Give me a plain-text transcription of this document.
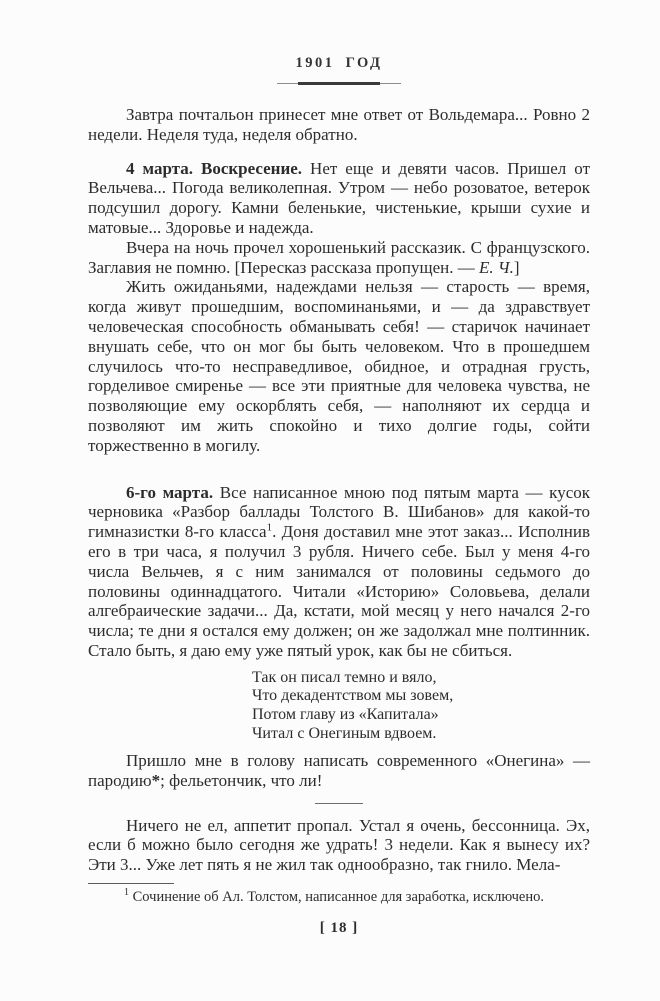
1901 ГОД

Завтра почтальон принесет мне ответ от Вольдемара... Ровно 2 недели. Неделя туда, неделя обратно.

4 марта. Воскресение. Нет еще и девяти часов. Пришел от Вельчева... Погода великолепная. Утром — небо розоватое, ветерок подсушил дорогу. Камни беленькие, чистенькие, крыши сухие и матовые... Здоровье и надежда.

Вчера на ночь прочел хорошенький рассказик. С французского. Заглавия не помню. [Пересказ рассказа пропущен. — Е. Ч.]

Жить ожиданьями, надеждами нельзя — старость — время, когда живут прошедшим, воспоминаньями, и — да здравствует человеческая способность обманывать себя! — старичок начинает внушать себе, что он мог бы быть человеком. Что в прошедшем случилось что-то несправедливое, обидное, и отрадная грусть, горделивое смиренье — все эти приятные для человека чувства, не позволяющие ему оскорблять себя, — наполняют их сердца и позволяют им жить спокойно и тихо долгие годы, сойти торжественно в могилу.

6-го марта. Все написанное мною под пятым марта — кусок черновика «Разбор баллады Толстого В. Шибанов» для какой-то гимназистки 8-го класса$^1$. Доня доставил мне этот заказ... Исполнив его в три часа, я получил 3 рубля. Ничего себе. Был у меня 4-го числа Вельчев, я с ним занимался от половины седьмого до половины одиннадцатого. Читали «Историю» Соловьева, делали алгебраические задачи... Да, кстати, мой месяц у него начался 2-го числа; те дни я остался ему должен; он же задолжал мне полтинник. Стало быть, я даю ему уже пятый урок, как бы не сбиться.

Так он писал темно и вяло,
Что декадентством мы зовем,
Потом главу из «Капитала»
Читал с Онегиным вдвоем.

Пришло мне в голову написать современного «Онегина» — пародию*; фельетончик, что ли!

Ничего не ел, аппетит пропал. Устал я очень, бессонница. Эх, если б можно было сегодня же удрать! 3 недели. Как я вынесу их? Эти 3... Уже лет пять я не жил так однообразно, так гнило. Мела-

$^1$ Сочинение об Ал. Толстом, написанное для заработка, исключено.

[ 18 ]
